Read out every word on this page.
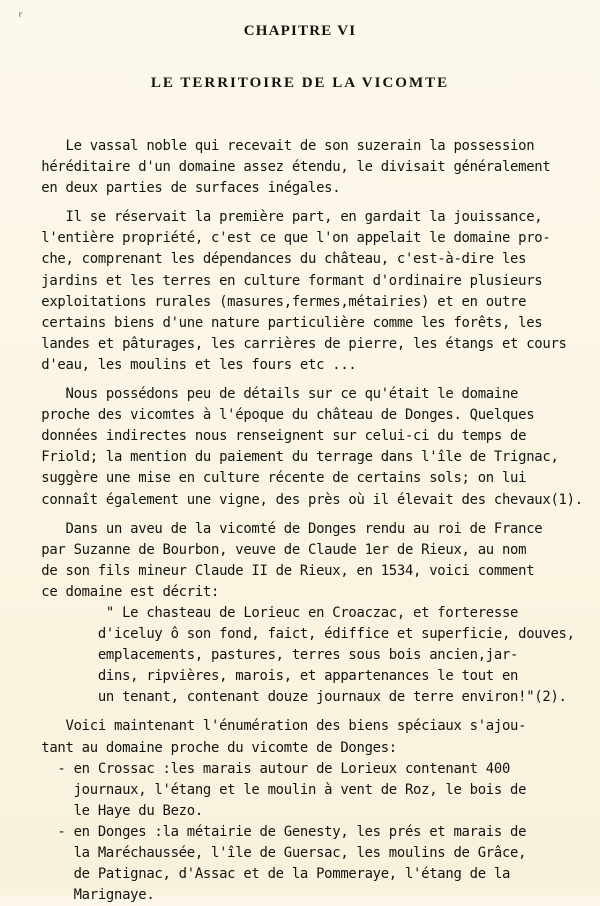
r
CHAPITRE VI
LE TERRITOIRE DE LA VICOMTE
Le vassal noble qui recevait de son suzerain la possession
héréditaire d'un domaine assez étendu, le divisait généralement
en deux parties de surfaces inégales.
Il se réservait la première part, en gardait la jouissance,
l'entière propriété, c'est ce que l'on appelait le domaine pro-
che, comprenant les dépendances du château, c'est-à-dire les
jardins et les terres en culture formant d'ordinaire plusieurs
exploitations rurales (masures,fermes,métairies) et en outre
certains biens d'une nature particulière comme les forêts, les
landes et pâturages, les carrières de pierre, les étangs et cours
d'eau, les moulins et les fours etc ...
Nous possédons peu de détails sur ce qu'était le domaine
proche des vicomtes à l'époque du château de Donges. Quelques
données indirectes nous renseignent sur celui-ci du temps de
Friold; la mention du paiement du terrage dans l'île de Trignac,
suggère une mise en culture récente de certains sols; on lui
connaît également une vigne, des près où il élevait des chevaux(1).
Dans un aveu de la vicomté de Donges rendu au roi de France
par Suzanne de Bourbon, veuve de Claude 1er de Rieux, au nom
de son fils mineur Claude II de Rieux, en 1534, voici comment
ce domaine est décrit:
" Le chasteau de Lorieuc en Croaczac, et forteresse
d'iceluy ô son fond, faict, édiffice et superficie, douves,
emplacements, pastures, terres sous bois ancien,jar-
dins, ripvières, marois, et appartenances le tout en
un tenant, contenant douze journaux de terre environ!"(2).
Voici maintenant l'énumération des biens spéciaux s'ajou-
tant au domaine proche du vicomte de Donges:
- en Crossac :les marais autour de Lorieux contenant 400
journaux, l'étang et le moulin à vent de Roz, le bois de
le Haye du Bezo.
- en Donges :la métairie de Genesty, les prés et marais de
la Maréchaussée, l'île de Guersac, les moulins de Grâce,
de Patignac, d'Assac et de la Pommeraye, l'étang de la
Marignaye.
